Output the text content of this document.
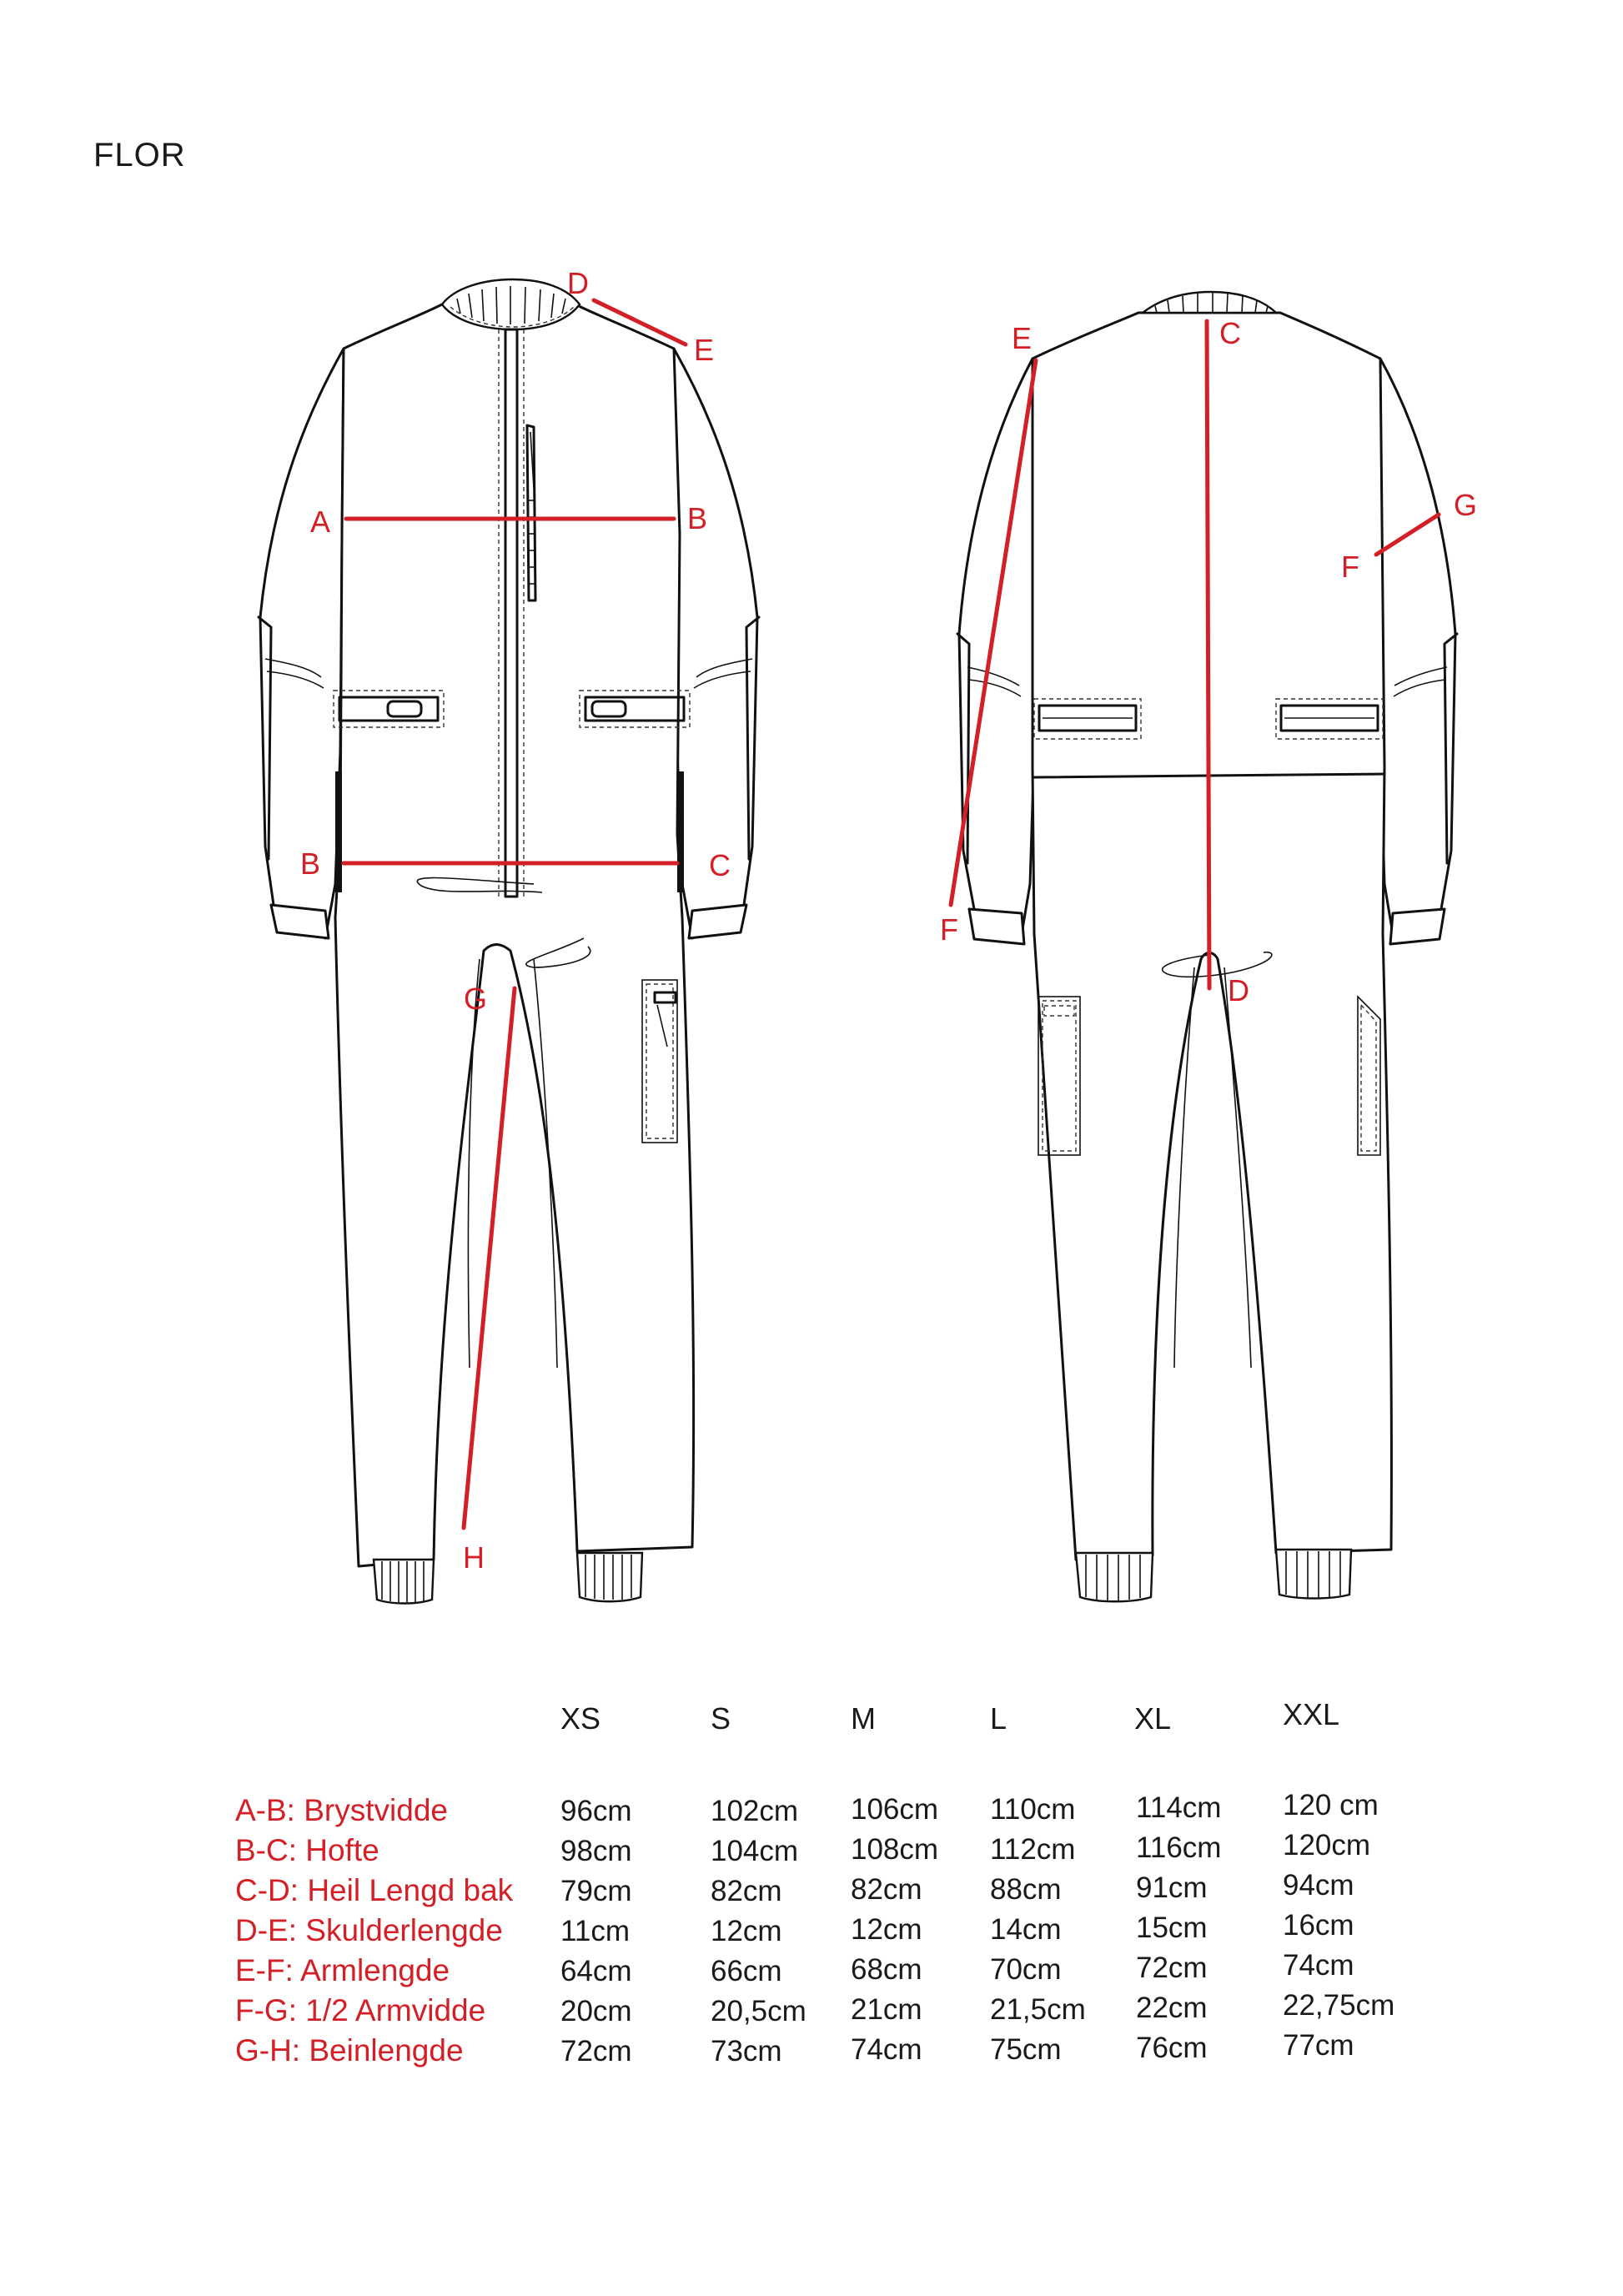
FLOR
D
E
A	B
B	C
G
H
E	C
G
F
F
D
XS	S	M	L	XL	XXL
A-B: Brystvidde	96cm	102cm 106cm 110cm 114cm 120 cm
B-C: Hofte	98cm	104cm 108cm 112cm 116cm 120cm
C-D: Heil Lengd bak 79cm	82cm 82cm 88cm	91cm	94cm
D-E: Skulderlengde 11cm	12cm 12cm 14cm	15cm	16cm
E-F: Armlengde	64cm	66cm 68cm 70cm	72cm	74cm
F-G: 1/2 Armvidde	20cm	20,5cm 21cm 21,5cm 22cm	22,75cm
G-H: Beinlengde	72cm	73cm 74cm 75cm	76cm	77cm
